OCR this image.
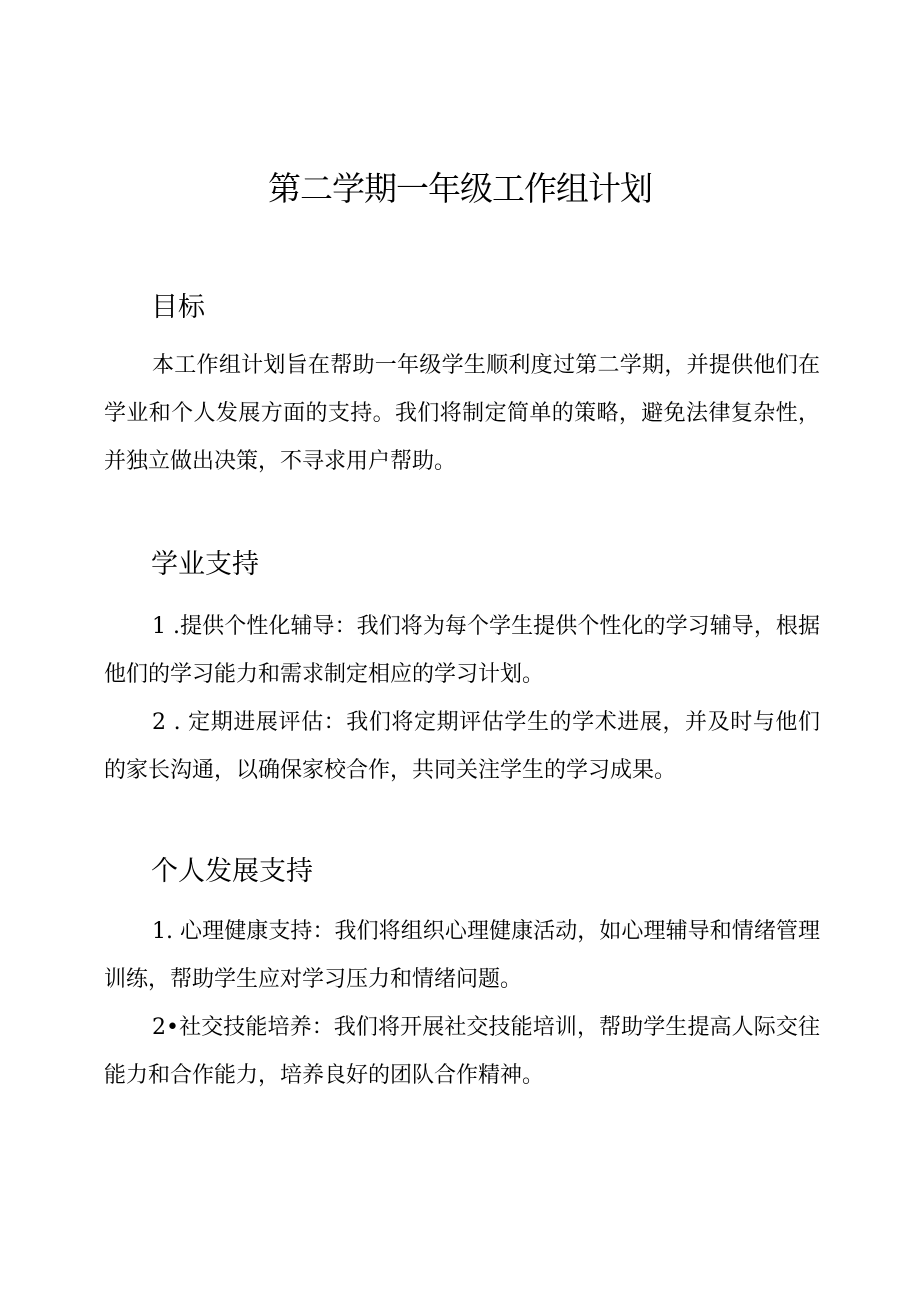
第二学期一年级工作组计划
目标

本工作组计划旨在帮助一年级学生顺利度过第二学期，并提供他们在学业和个人发展方面的支持。我们将制定简单的策略，避免法律复杂性，并独立做出决策，不寻求用户帮助。

学业支持

1 .提供个性化辅导：我们将为每个学生提供个性化的学习辅导，根据他们的学习能力和需求制定相应的学习计划。

2 . 定期进展评估：我们将定期评估学生的学术进展，并及时与他们的家长沟通，以确保家校合作，共同关注学生的学习成果。

个人发展支持

1. 心理健康支持：我们将组织心理健康活动，如心理辅导和情绪管理训练，帮助学生应对学习压力和情绪问题。

2•社交技能培养：我们将开展社交技能培训，帮助学生提高人际交往能力和合作能力，培养良好的团队合作精神。
